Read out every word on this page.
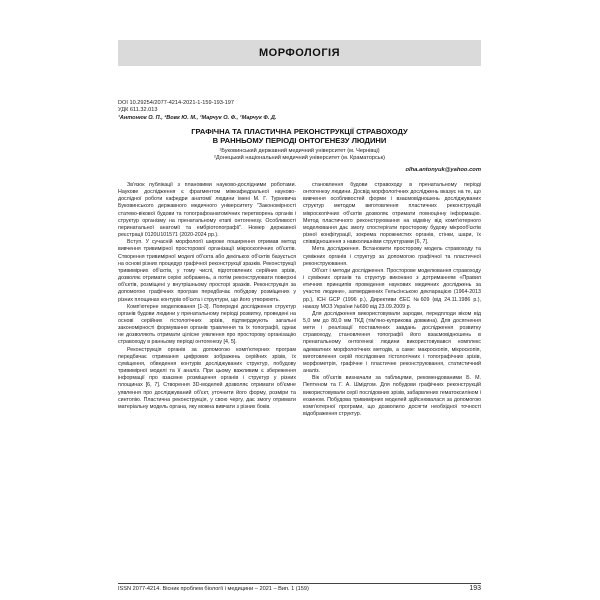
МОРФОЛОГІЯ
DOI 10.29254/2077-4214-2021-1-159-193-197
УДК 611.32.013
¹Антонюк О. П., ²Вовк Ю. М., ¹Марчук О. Ф., ¹Марчук Ф. Д.
ГРАФІЧНА ТА ПЛАСТИЧНА РЕКОНСТРУКЦІЇ СТРАВОХОДУ
В РАННЬОМУ ПЕРІОДІ ОНТОГЕНЕЗУ ЛЮДИНИ
¹Буковинський державний медичний університет (м. Чернівці)
²Донецький національний медичний університет (м. Краматорськ)
olha.antonyuk@yahoo.com

Зв'язок публікації з плановими науково-дослідними роботами. Наукове дослідження є фрагментом міжкафедральної науково-дослідної роботи кафедри анатомії людини імені М. Г. Туркевича Буковинського державного медичного університету "Закономірності статево-вікової будови та топографоанатомічних перетворень органів і структур організму на пренатальному етапі онтогенезу. Особливості перинатальної анатомії та ембріотопографії". Номер державної реєстрації 0120U101571 (2020-2024 рр.).

Вступ. У сучасній морфології широке поширення отримав метод вивчення тривимірної просторової організації мікроскопічних об'єктів. Створення тривимірної моделі об'єкта або декількох об'єктів базується на основі різних процедур графічної реконструкції зразків. Реконструкції тривимірних об'єктів, у тому числі, підготовлених серійних зрізів, дозволяє отримати серію зображень, а потім реконструювати поверхні об'єктів, розміщені у внутрішньому просторі зразків. Реконструкція за допомогою графічних програм передбачає побудову розміщених у різних площинах контурів об'єкта і структури, що його утворюють.

Комп'ютерне моделювання [1-3]. Попередні дослідження структур органів будови людини у пренатальному періоді розвитку, проведені на основі серійних гістологічних зрізів, підтверджують загальні закономірності формування органів травлення та їх топографії, однак не дозволяють отримати цілісне уявлення про просторову організацію стравоходу в ранньому періоді онтогенезу [4, 5].

Реконструкція органів за допомогою комп'ютерних програм передбачає отримання цифрових зображень серійних зрізів, їх суміщення, обведення контурів досліджуваних структур, побудову тривимірної моделі та її аналіз. При цьому важливим є збереження інформації про взаємне розміщення органів і структур у різних площинах [6, 7]. Створення 3D-моделей дозволяє отримати об'ємне уявлення про досліджуваний об'єкт, уточнити його форму, розміри та синтопію. Пластична реконструкція, у свою чергу, дає змогу отримати матеріальну модель органа, яку можна вивчати з різних боків.

становлення будови стравоходу в пренатальному періоді онтогенезу людини. Досвід морфологічних досліджень вказує на те, що вивчення особливостей форми і взаємовідношень досліджуваних структур методом виготовлення пластичних реконструкцій мікроскопічних об'єктів дозволяє отримати повноцінну інформацію. Метод пластичного реконструювання на відміну від комп'ютерного моделювання дає змогу спостерігати просторову будову мікрооб'єктів різної конфігурації, зокрема порожнистих органів, стінки, шари, їх співвідношення з навколишніми структурами [6, 7].

Мета дослідження. Встановити просторову модель стравоходу та суміжних органів і структур за допомогою графічної та пластичної реконструювання.

Об'єкт і методи дослідження. Просторове моделювання стравоходу і суміжних органів та структур виконано з дотриманням «Правил етичних принципів проведення наукових медичних досліджень за участю людини», затверджених Гельсінською декларацією (1964-2013 рр.), ICH GCP (1996 р.), Директиви ЄЕС №609 (від 24.11.1986 р.), наказу МОЗ України №690 від 23.09.2009 р.

Для дослідження використовували зародки, передплоди віком від 5,0 мм до 80,0 мм ТКД (тім'яно-куприкова довжина). Для досягнення мети і реалізації поставлених завдань дослідження розвитку стравоходу, становлення топографії його взаємовідношень в пренатальному онтогенезі людини використовувався комплекс адекватних морфологічних методів, а саме: макроскопія, мікроскопія, виготовлення серій послідовних гістологічних і топографічних зрізів, морфометрія, графічне і пластичне реконструювання, статистичний аналіз.

Вік об'єктів визначали за таблицями, рекомендованими Б. М. Пептеном та Г. А. Шмідтом. Для побудови графічних реконструкцій використовували серії послідовних зрізів, забарвлених гематоксиліном і еозином. Побудова тривимірних моделей здійснювалася за допомогою комп'ютерної програми, що дозволило досягти необхідної точності відображення структур.

ISSN 2077-4214. Вісник проблем біології і медицини – 2021 – Вип. 1 (159)	193
